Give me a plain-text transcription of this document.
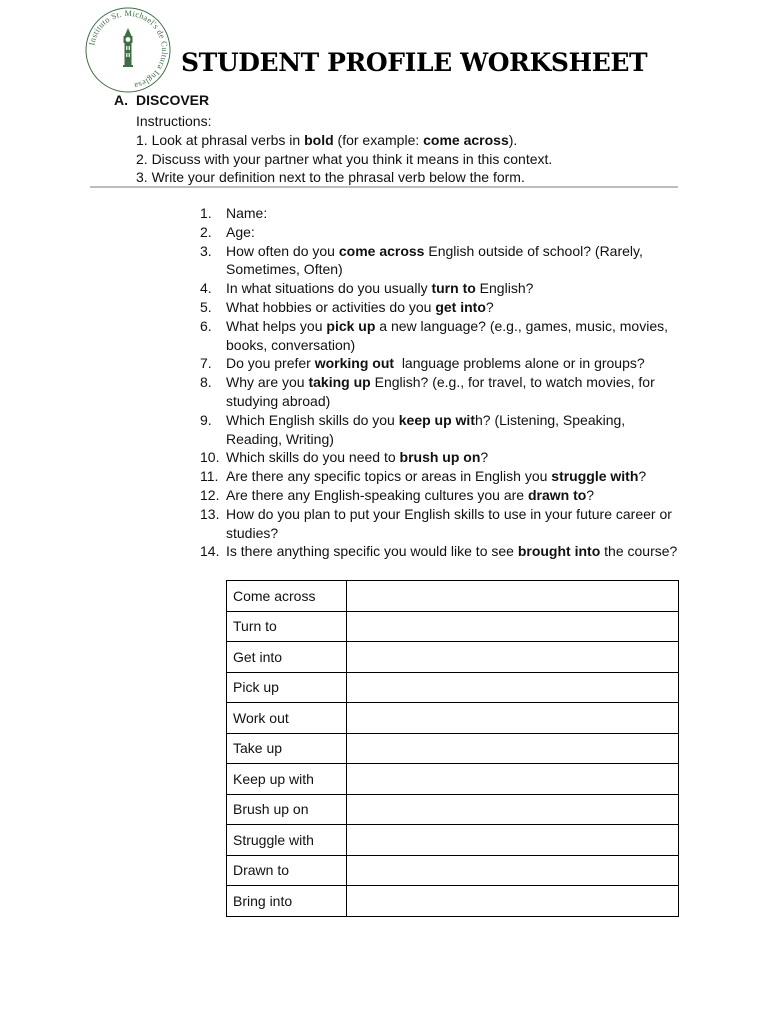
Instituto St. Michael's de Cultura Inglesa
STUDENT PROFILE WORKSHEET
A. DISCOVER
Instructions:
1. Look at phrasal verbs in bold (for example: come across).
2. Discuss with your partner what you think it means in this context.
3. Write your definition next to the phrasal verb below the form.
1.	Name:
2.	Age:
3.	How often do you come across English outside of school? (Rarely, Sometimes, Often)
4.	In what situations do you usually turn to English?
5.	What hobbies or activities do you get into?
6.	What helps you pick up a new language? (e.g., games, music, movies, books, conversation)
7.	Do you prefer working out  language problems alone or in groups?
8.	Why are you taking up English? (e.g., for travel, to watch movies, for studying abroad)
9.	Which English skills do you keep up with? (Listening, Speaking, Reading, Writing)
10. Which skills do you need to brush up on?
11. Are there any specific topics or areas in English you struggle with?
12. Are there any English-speaking cultures you are drawn to?
13. How do you plan to put your English skills to use in your future career or studies?
14. Is there anything specific you would like to see brought into the course?
Come across	
Turn to	
Get into	
Pick up	
Work out	
Take up	
Keep up with	
Brush up on	
Struggle with	
Drawn to	
Bring into	
